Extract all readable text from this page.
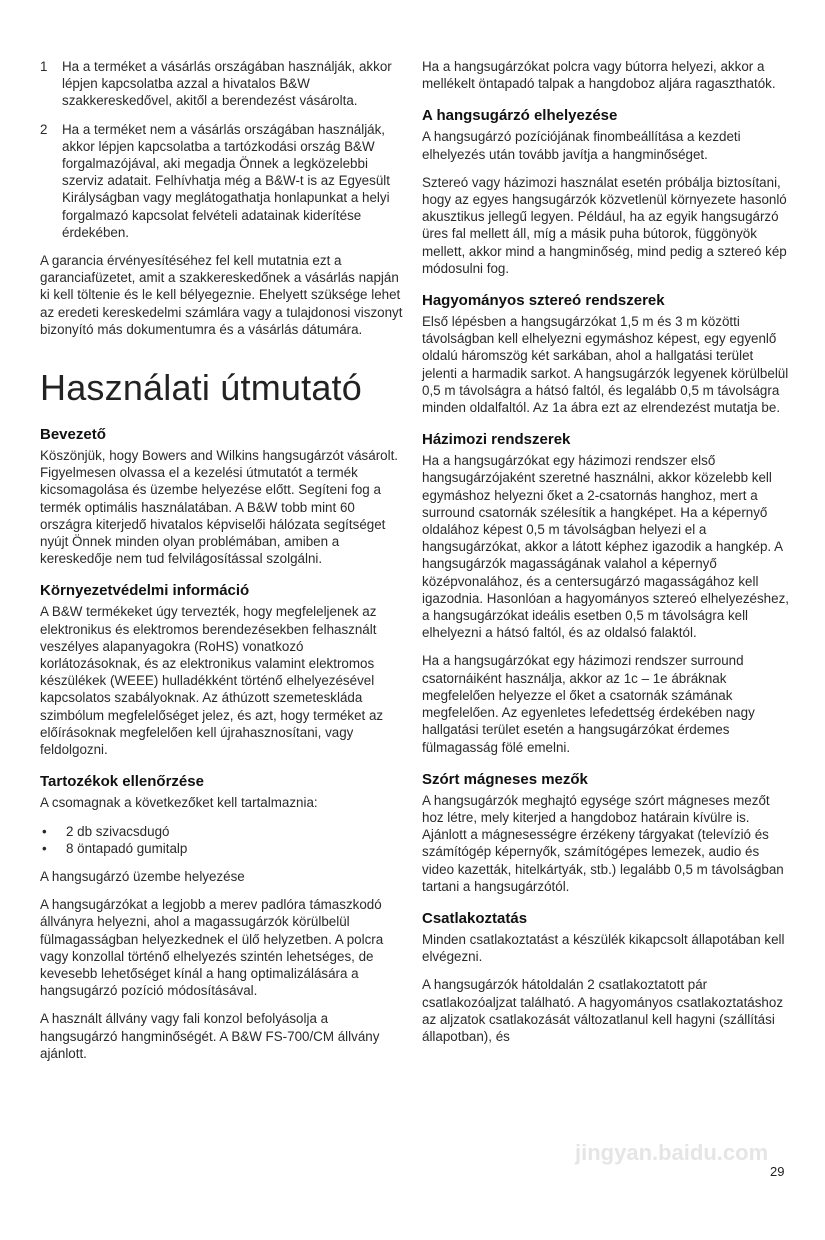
1	Ha a terméket a vásárlás országában használják, akkor lépjen kapcsolatba azzal a hivatalos B&W szakkereskedővel, akitől a berendezést vásárolta.
2	Ha a terméket nem a vásárlás országában használják, akkor lépjen kapcsolatba a tartózkodási ország B&W forgalmazójával, aki megadja Önnek a legközelebbi szerviz adatait. Felhívhatja még a B&W-t is az Egyesült Királyságban vagy meglátogathatja honlapunkat a helyi forgalmazó kapcsolat felvételi adatainak kiderítése érdekében.

A garancia érvényesítéséhez fel kell mutatnia ezt a garanciafüzetet, amit a szakkereskedőnek a vásárlás napján ki kell töltenie és le kell bélyegeznie. Ehelyett szüksége lehet az eredeti kereskedelmi számlára vagy a tulajdonosi viszonyt bizonyító más dokumentumra és a vásárlás dátumára.

Használati útmutató
Bevezető

Köszönjük, hogy Bowers and Wilkins hangsugárzót vásárolt. Figyelmesen olvassa el a kezelési útmutatót a termék kicsomagolása és üzembe helyezése előtt. Segíteni fog a termék optimális használatában. A B&W tobb mint 60 országra kiterjedő hivatalos képviselői hálózata segítséget nyújt Önnek minden olyan problémában, amiben a kereskedője nem tud felvilágosítással szolgálni.

Környezetvédelmi információ

A B&W termékeket úgy tervezték, hogy megfeleljenek az elektronikus és elektromos berendezésekben felhasznált veszélyes alapanyagokra (RoHS) vonatkozó korlátozásoknak, és az elektronikus valamint elektromos készülékek (WEEE) hulladékként történő elhelyezésével kapcsolatos szabályoknak. Az áthúzott szemeteskláda szimbólum megfelelőséget jelez, és azt, hogy terméket az előírásoknak megfelelően kell újrahasznosítani, vagy feldolgozni.

Tartozékok ellenőrzése

A csomagnak a következőket kell tartalmaznia:

•	2 db szivacsdugó
•	8 öntapadó gumitalp

A hangsugárzó üzembe helyezése

A hangsugárzókat a legjobb a merev padlóra támaszkodó állványra helyezni, ahol a magassugárzók körülbelül fülmagasságban helyezkednek el ülő helyzetben. A polcra vagy konzollal történő elhelyezés szintén lehetséges, de kevesebb lehetőséget kínál a hang optimalizálására a hangsugárzó pozíció módosításával.

A használt állvány vagy fali konzol befolyásolja a hangsugárzó hangminőségét. A B&W FS-700/CM állvány ajánlott.

Ha a hangsugárzókat polcra vagy bútorra helyezi, akkor a mellékelt öntapadó talpak a hangdoboz aljára ragaszthatók.

A hangsugárzó elhelyezése

A hangsugárzó pozíciójának finombeállítása a kezdeti elhelyezés után tovább javítja a hangminőséget.

Sztereó vagy házimozi használat esetén próbálja biztosítani, hogy az egyes hangsugárzók közvetlenül környezete hasonló akusztikus jellegű legyen. Például, ha az egyik hangsugárzó üres fal mellett áll, míg a másik puha bútorok, függönyök mellett, akkor mind a hangminőség, mind pedig a sztereó kép módosulni fog.

Hagyományos sztereó rendszerek

Első lépésben a hangsugárzókat 1,5 m és 3 m közötti távolságban kell elhelyezni egymáshoz képest, egy egyenlő oldalú háromszög két sarkában, ahol a hallgatási terület jelenti a harmadik sarkot. A hangsugárzók legyenek körülbelül 0,5 m távolságra a hátsó faltól, és legalább 0,5 m távolságra minden oldalfaltól. Az 1a ábra ezt az elrendezést mutatja be.

Házimozi rendszerek

Ha a hangsugárzókat egy házimozi rendszer első hangsugárzójaként szeretné használni, akkor közelebb kell egymáshoz helyezni őket a 2-csatornás hanghoz, mert a surround csatornák szélesítik a hangképet. Ha a képernyő oldalához képest 0,5 m távolságban helyezi el a hangsugárzókat, akkor a látott képhez igazodik a hangkép. A hangsugárzók magasságának valahol a képernyő középvonalához, és a centersugárzó magasságához kell igazodnia. Hasonlóan a hagyományos sztereó elhelyezéshez, a hangsugárzókat ideális esetben 0,5 m távolságra kell elhelyezni a hátsó faltól, és az oldalsó falaktól.

Ha a hangsugárzókat egy házimozi rendszer surround csatornáiként használja, akkor az 1c – 1e ábráknak megfelelően helyezze el őket a csatornák számának megfelelően. Az egyenletes lefedettség érdekében nagy hallgatási terület esetén a hangsugárzókat érdemes fülmagasság fölé emelni.

Szórt mágneses mezők

A hangsugárzók meghajtó egysége szórt mágneses mezőt hoz létre, mely kiterjed a hangdoboz határain kívülre is. Ajánlott a mágnesességre érzékeny tárgyakat (televízió és számítógép képernyők, számítógépes lemezek, audio és video kazetták, hitelkártyák, stb.) legalább 0,5 m távolságban tartani a hangsugárzótól.

Csatlakoztatás

Minden csatlakoztatást a készülék kikapcsolt állapotában kell elvégezni.

A hangsugárzók hátoldalán 2 csatlakoztatott pár csatlakozóaljzat található. A hagyományos csatlakoztatáshoz az aljzatok csatlakozását változatlanul kell hagyni (szállítási állapotban), és

jingyan.baidu.com
29
